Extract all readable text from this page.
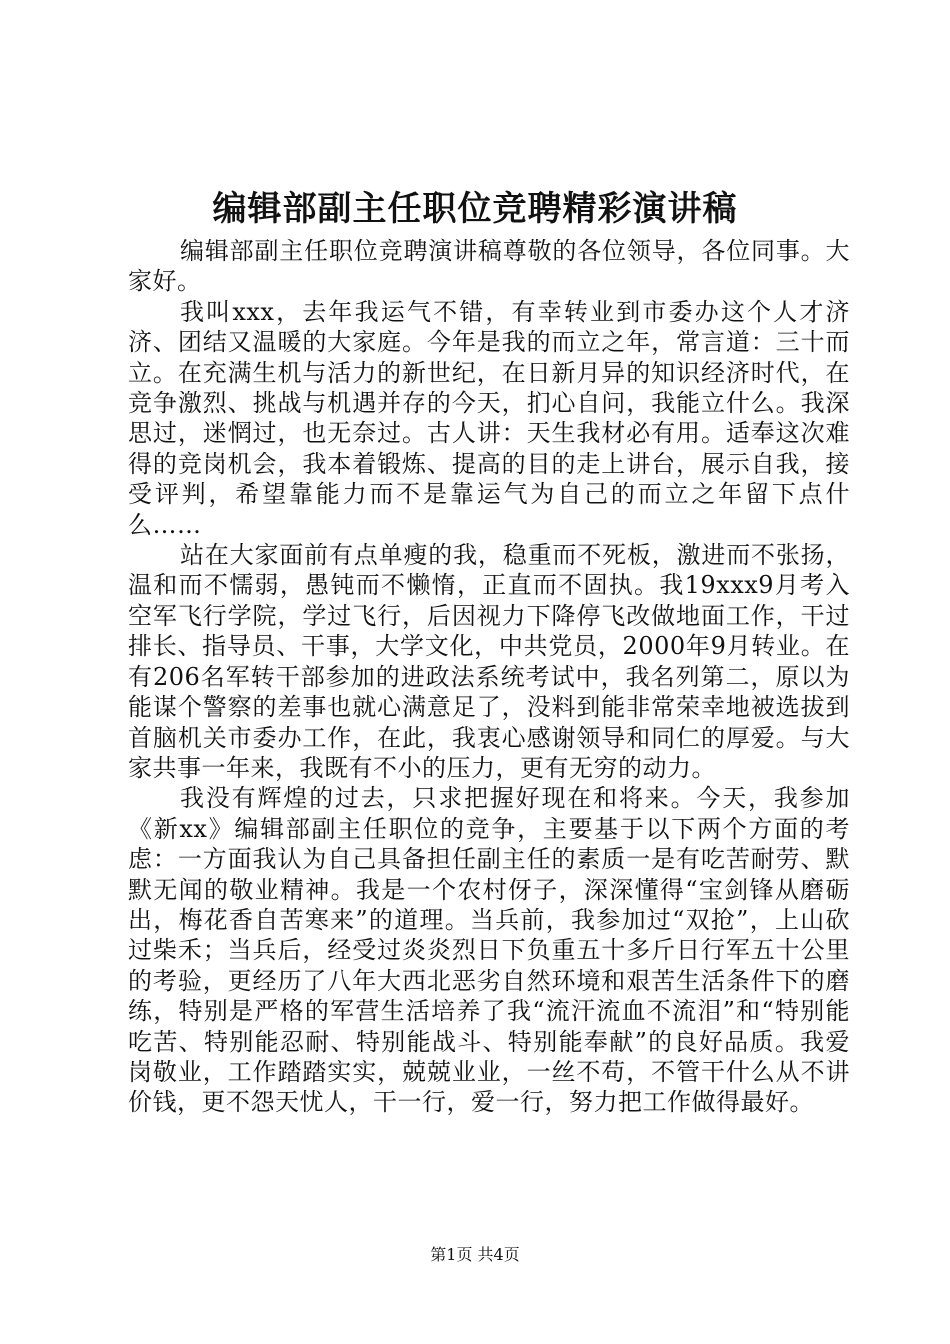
编辑部副主任职位竞聘精彩演讲稿

编辑部副主任职位竞聘演讲稿尊敬的各位领导，各位同事。大家好。

我叫xxx，去年我运气不错，有幸转业到市委办这个人才济济、团结又温暖的大家庭。今年是我的而立之年，常言道：三十而立。在充满生机与活力的新世纪，在日新月异的知识经济时代，在竞争激烈、挑战与机遇并存的今天，扪心自问，我能立什么。我深思过，迷惘过，也无奈过。古人讲：天生我材必有用。适奉这次难得的竞岗机会，我本着锻炼、提高的目的走上讲台，展示自我，接受评判，希望靠能力而不是靠运气为自己的而立之年留下点什么……

站在大家面前有点单瘦的我，稳重而不死板，激进而不张扬，温和而不懦弱，愚钝而不懒惰，正直而不固执。我19xxx9月考入空军飞行学院，学过飞行，后因视力下降停飞改做地面工作，干过排长、指导员、干事，大学文化，中共党员，2000年9月转业。在有206名军转干部参加的进政法系统考试中，我名列第二，原以为能谋个警察的差事也就心满意足了，没料到能非常荣幸地被选拔到首脑机关市委办工作，在此，我衷心感谢领导和同仁的厚爱。与大家共事一年来，我既有不小的压力，更有无穷的动力。

我没有辉煌的过去，只求把握好现在和将来。今天，我参加《新xx》编辑部副主任职位的竞争，主要基于以下两个方面的考虑：一方面我认为自己具备担任副主任的素质一是有吃苦耐劳、默默无闻的敬业精神。我是一个农村伢子，深深懂得“宝剑锋从磨砺出，梅花香自苦寒来”的道理。当兵前，我参加过“双抢”，上山砍过柴禾；当兵后，经受过炎炎烈日下负重五十多斤日行军五十公里的考验，更经历了八年大西北恶劣自然环境和艰苦生活条件下的磨练，特别是严格的军营生活培养了我“流汗流血不流泪”和“特别能吃苦、特别能忍耐、特别能战斗、特别能奉献”的良好品质。我爱岗敬业，工作踏踏实实，兢兢业业，一丝不苟，不管干什么从不讲价钱，更不怨天忧人，干一行，爱一行，努力把工作做得最好。

第1页 共4页
